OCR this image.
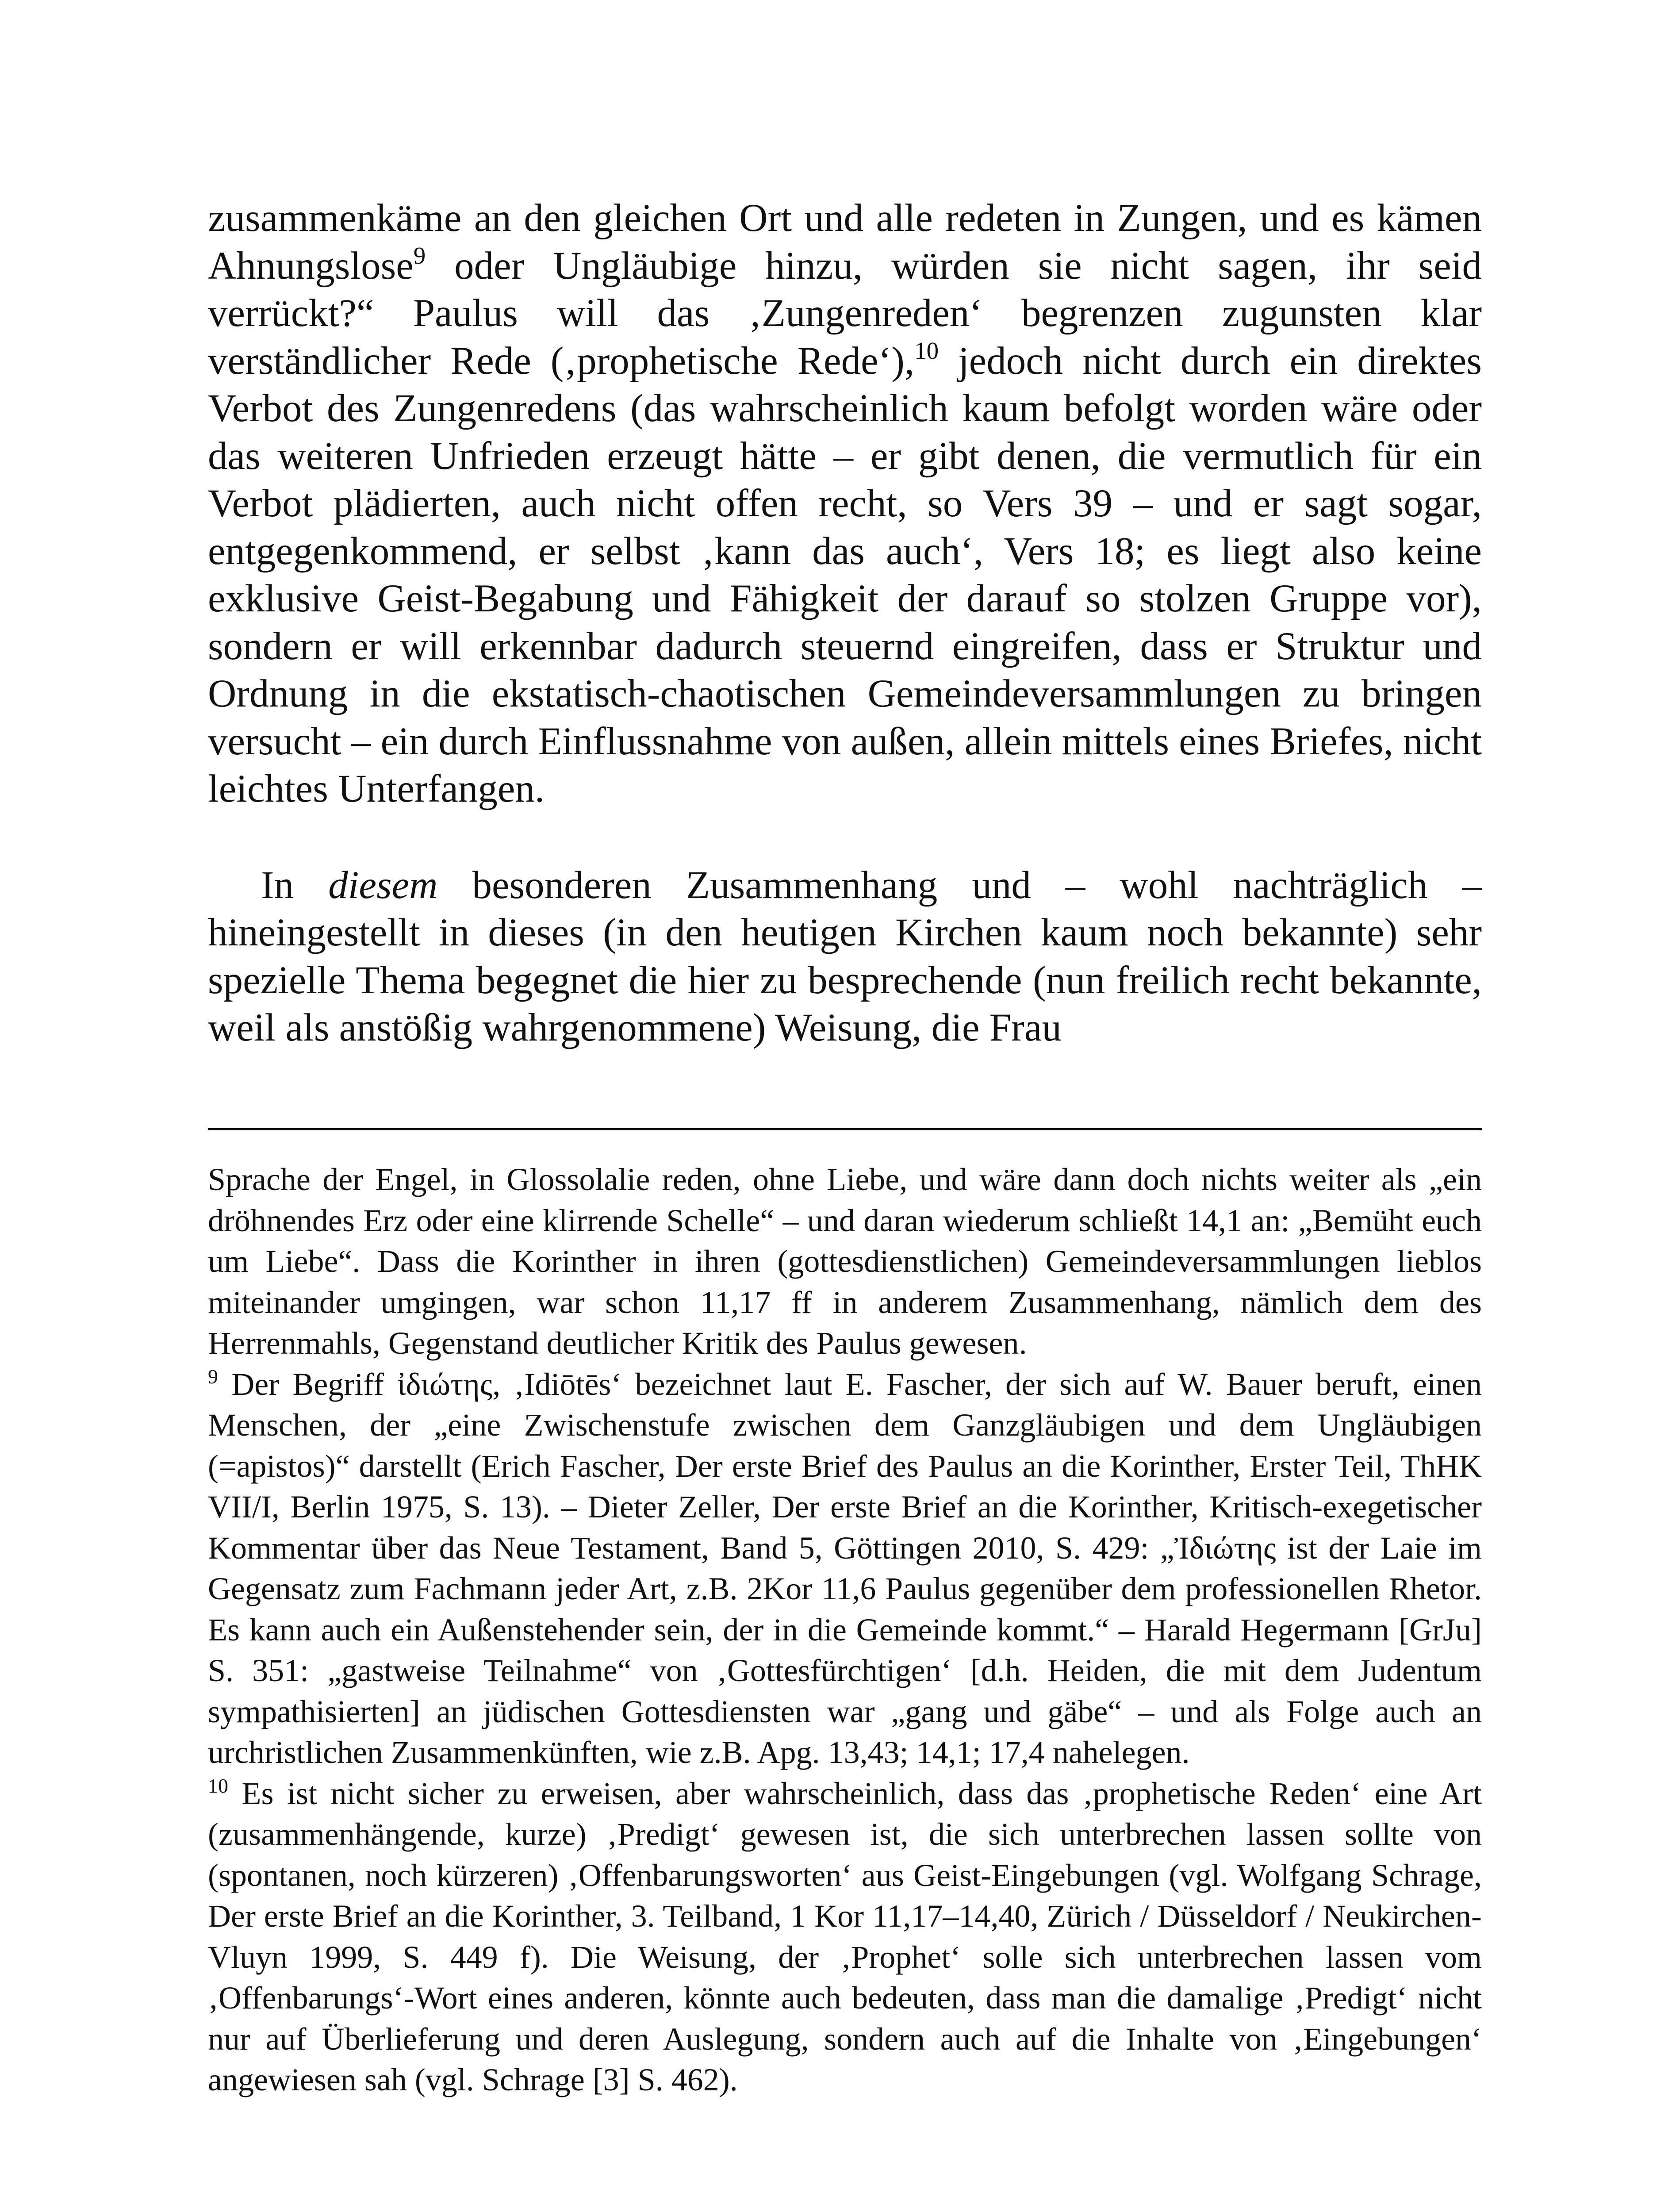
zusammenkäme an den gleichen Ort und alle redeten in Zungen, und es kämen Ahnungslose$^9$ oder Ungläubige hinzu, würden sie nicht sagen, ihr seid verrückt?“ Paulus will das ‚Zungenreden‘ begrenzen zugunsten klar verständlicher Rede (‚prophetische Rede‘),$^{10}$ jedoch nicht durch ein direktes Verbot des Zungenredens (das wahrscheinlich kaum befolgt worden wäre oder das weiteren Unfrieden erzeugt hätte – er gibt denen, die vermutlich für ein Verbot plädierten, auch nicht offen recht, so Vers 39 – und er sagt sogar, entgegenkommend, er selbst ‚kann das auch‘, Vers 18; es liegt also keine exklusive Geist-Begabung und Fähigkeit der darauf so stolzen Gruppe vor), sondern er will erkennbar dadurch steuernd eingreifen, dass er Struktur und Ordnung in die ekstatisch-chaotischen Gemeindeversammlungen zu bringen versucht – ein durch Einflussnahme von außen, allein mittels eines Briefes, nicht leichtes Unterfangen.

In diesem besonderen Zusammenhang und – wohl nachträglich – hineingestellt in dieses (in den heutigen Kirchen kaum noch bekannte) sehr spezielle Thema begegnet die hier zu besprechende (nun freilich recht bekannte, weil als anstößig wahrgenommene) Weisung, die Frau

Sprache der Engel, in Glossolalie reden, ohne Liebe, und wäre dann doch nichts weiter als „ein dröhnendes Erz oder eine klirrende Schelle“ – und daran wiederum schließt 14,1 an: „Bemüht euch um Liebe“. Dass die Korinther in ihren (gottesdienstlichen) Gemeindeversammlungen lieblos miteinander umgingen, war schon 11,17 ff in anderem Zusammenhang, nämlich dem des Herrenmahls, Gegenstand deutlicher Kritik des Paulus gewesen.

$^9$ Der Begriff ἰδιώτης, ‚Idiōtēs‘ bezeichnet laut E. Fascher, der sich auf W. Bauer beruft, einen Menschen, der „eine Zwischenstufe zwischen dem Ganzgläubigen und dem Ungläubigen (=apistos)“ darstellt (Erich Fascher, Der erste Brief des Paulus an die Korinther, Erster Teil, ThHK VII/I, Berlin 1975, S. 13). – Dieter Zeller, Der erste Brief an die Korinther, Kritisch-exegetischer Kommentar über das Neue Testament, Band 5, Göttingen 2010, S. 429: „Ἰδιώτης ist der Laie im Gegensatz zum Fachmann jeder Art, z.B. 2Kor 11,6 Paulus gegenüber dem professionellen Rhetor. Es kann auch ein Außenstehender sein, der in die Gemeinde kommt.“ – Harald Hegermann [GrJu] S. 351: „gastweise Teilnahme“ von ‚Gottesfürchtigen‘ [d.h. Heiden, die mit dem Judentum sympathisierten] an jüdischen Gottesdiensten war „gang und gäbe“ – und als Folge auch an urchristlichen Zusammenkünften, wie z.B. Apg. 13,43; 14,1; 17,4 nahelegen.

$^{10}$ Es ist nicht sicher zu erweisen, aber wahrscheinlich, dass das ‚prophetische Reden‘ eine Art (zusammenhängende, kurze) ‚Predigt‘ gewesen ist, die sich unterbrechen lassen sollte von (spontanen, noch kürzeren) ‚Offenbarungsworten‘ aus Geist-Eingebungen (vgl. Wolfgang Schrage, Der erste Brief an die Korinther, 3. Teilband, 1 Kor 11,17–14,40, Zürich / Düsseldorf / Neukirchen-Vluyn 1999, S. 449 f). Die Weisung, der ‚Prophet‘ solle sich unterbrechen lassen vom ‚Offenbarungs‘-Wort eines anderen, könnte auch bedeuten, dass man die damalige ‚Predigt‘ nicht nur auf Überlieferung und deren Auslegung, sondern auch auf die Inhalte von ‚Eingebungen‘ angewiesen sah (vgl. Schrage [3] S. 462).
